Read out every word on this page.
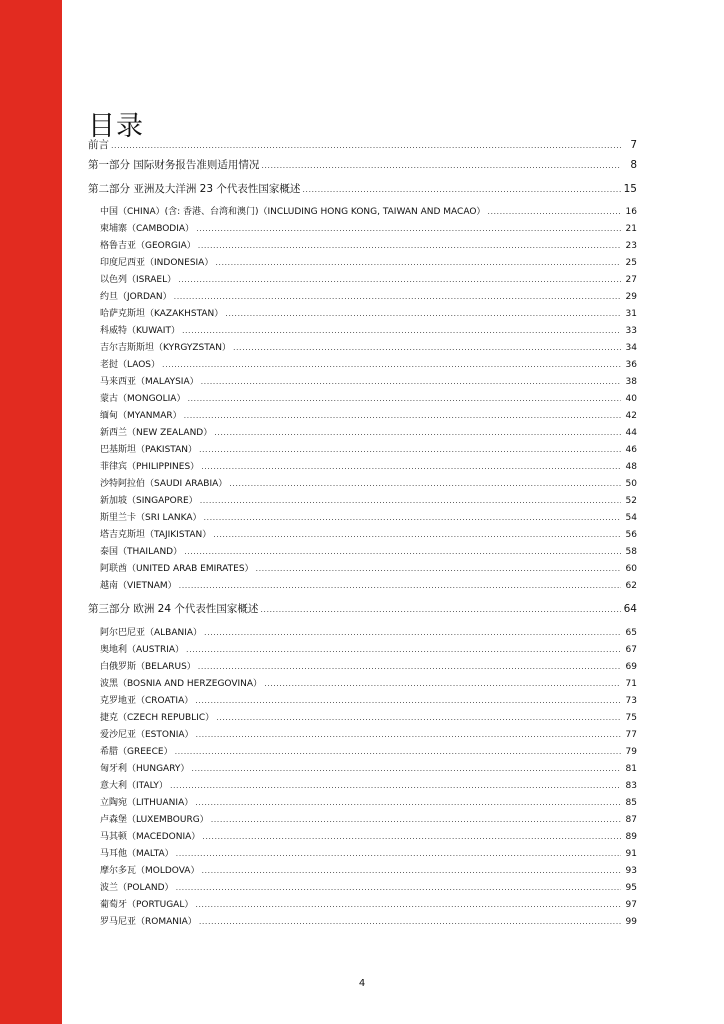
目录
前言 .....	7
第一部分 国际财务报告准则适用情况 .....	8
第二部分 亚洲及大洋洲 23 个代表性国家概述 .....	15
中国（CHINA）(含: 香港、台湾和澳门)（INCLUDING HONG KONG, TAIWAN AND MACAO） .....	16
柬埔寨（CAMBODIA） .....	21
格鲁吉亚（GEORGIA） .....	23
印度尼西亚（INDONESIA） .....	25
以色列（ISRAEL） .....	27
约旦（JORDAN） .....	29
哈萨克斯坦（KAZAKHSTAN） .....	31
科威特（KUWAIT） .....	33
吉尔吉斯斯坦（KYRGYZSTAN） .....	34
老挝（LAOS） .....	36
马来西亚（MALAYSIA） .....	38
蒙古（MONGOLIA） .....	40
缅甸（MYANMAR） .....	42
新西兰（NEW ZEALAND） .....	44
巴基斯坦（PAKISTAN） .....	46
菲律宾（PHILIPPINES） .....	48
沙特阿拉伯（SAUDI ARABIA） .....	50
新加坡（SINGAPORE） .....	52
斯里兰卡（SRI LANKA） .....	54
塔吉克斯坦（TAJIKISTAN） .....	56
泰国（THAILAND） .....	58
阿联酋（UNITED ARAB EMIRATES） .....	60
越南（VIETNAM） .....	62
第三部分 欧洲 24 个代表性国家概述 .....	64
阿尔巴尼亚（ALBANIA） .....	65
奥地利（AUSTRIA） .....	67
白俄罗斯（BELARUS） .....	69
波黑（BOSNIA AND HERZEGOVINA） .....	71
克罗地亚（CROATIA） .....	73
捷克（CZECH REPUBLIC） .....	75
爱沙尼亚（ESTONIA） .....	77
希腊（GREECE） .....	79
匈牙利（HUNGARY） .....	81
意大利（ITALY） .....	83
立陶宛（LITHUANIA） .....	85
卢森堡（LUXEMBOURG） .....	87
马其顿（MACEDONIA） .....	89
马耳他（MALTA） .....	91
摩尔多瓦（MOLDOVA） .....	93
波兰（POLAND） .....	95
葡萄牙（PORTUGAL） .....	97
罗马尼亚（ROMANIA） .....	99
4
